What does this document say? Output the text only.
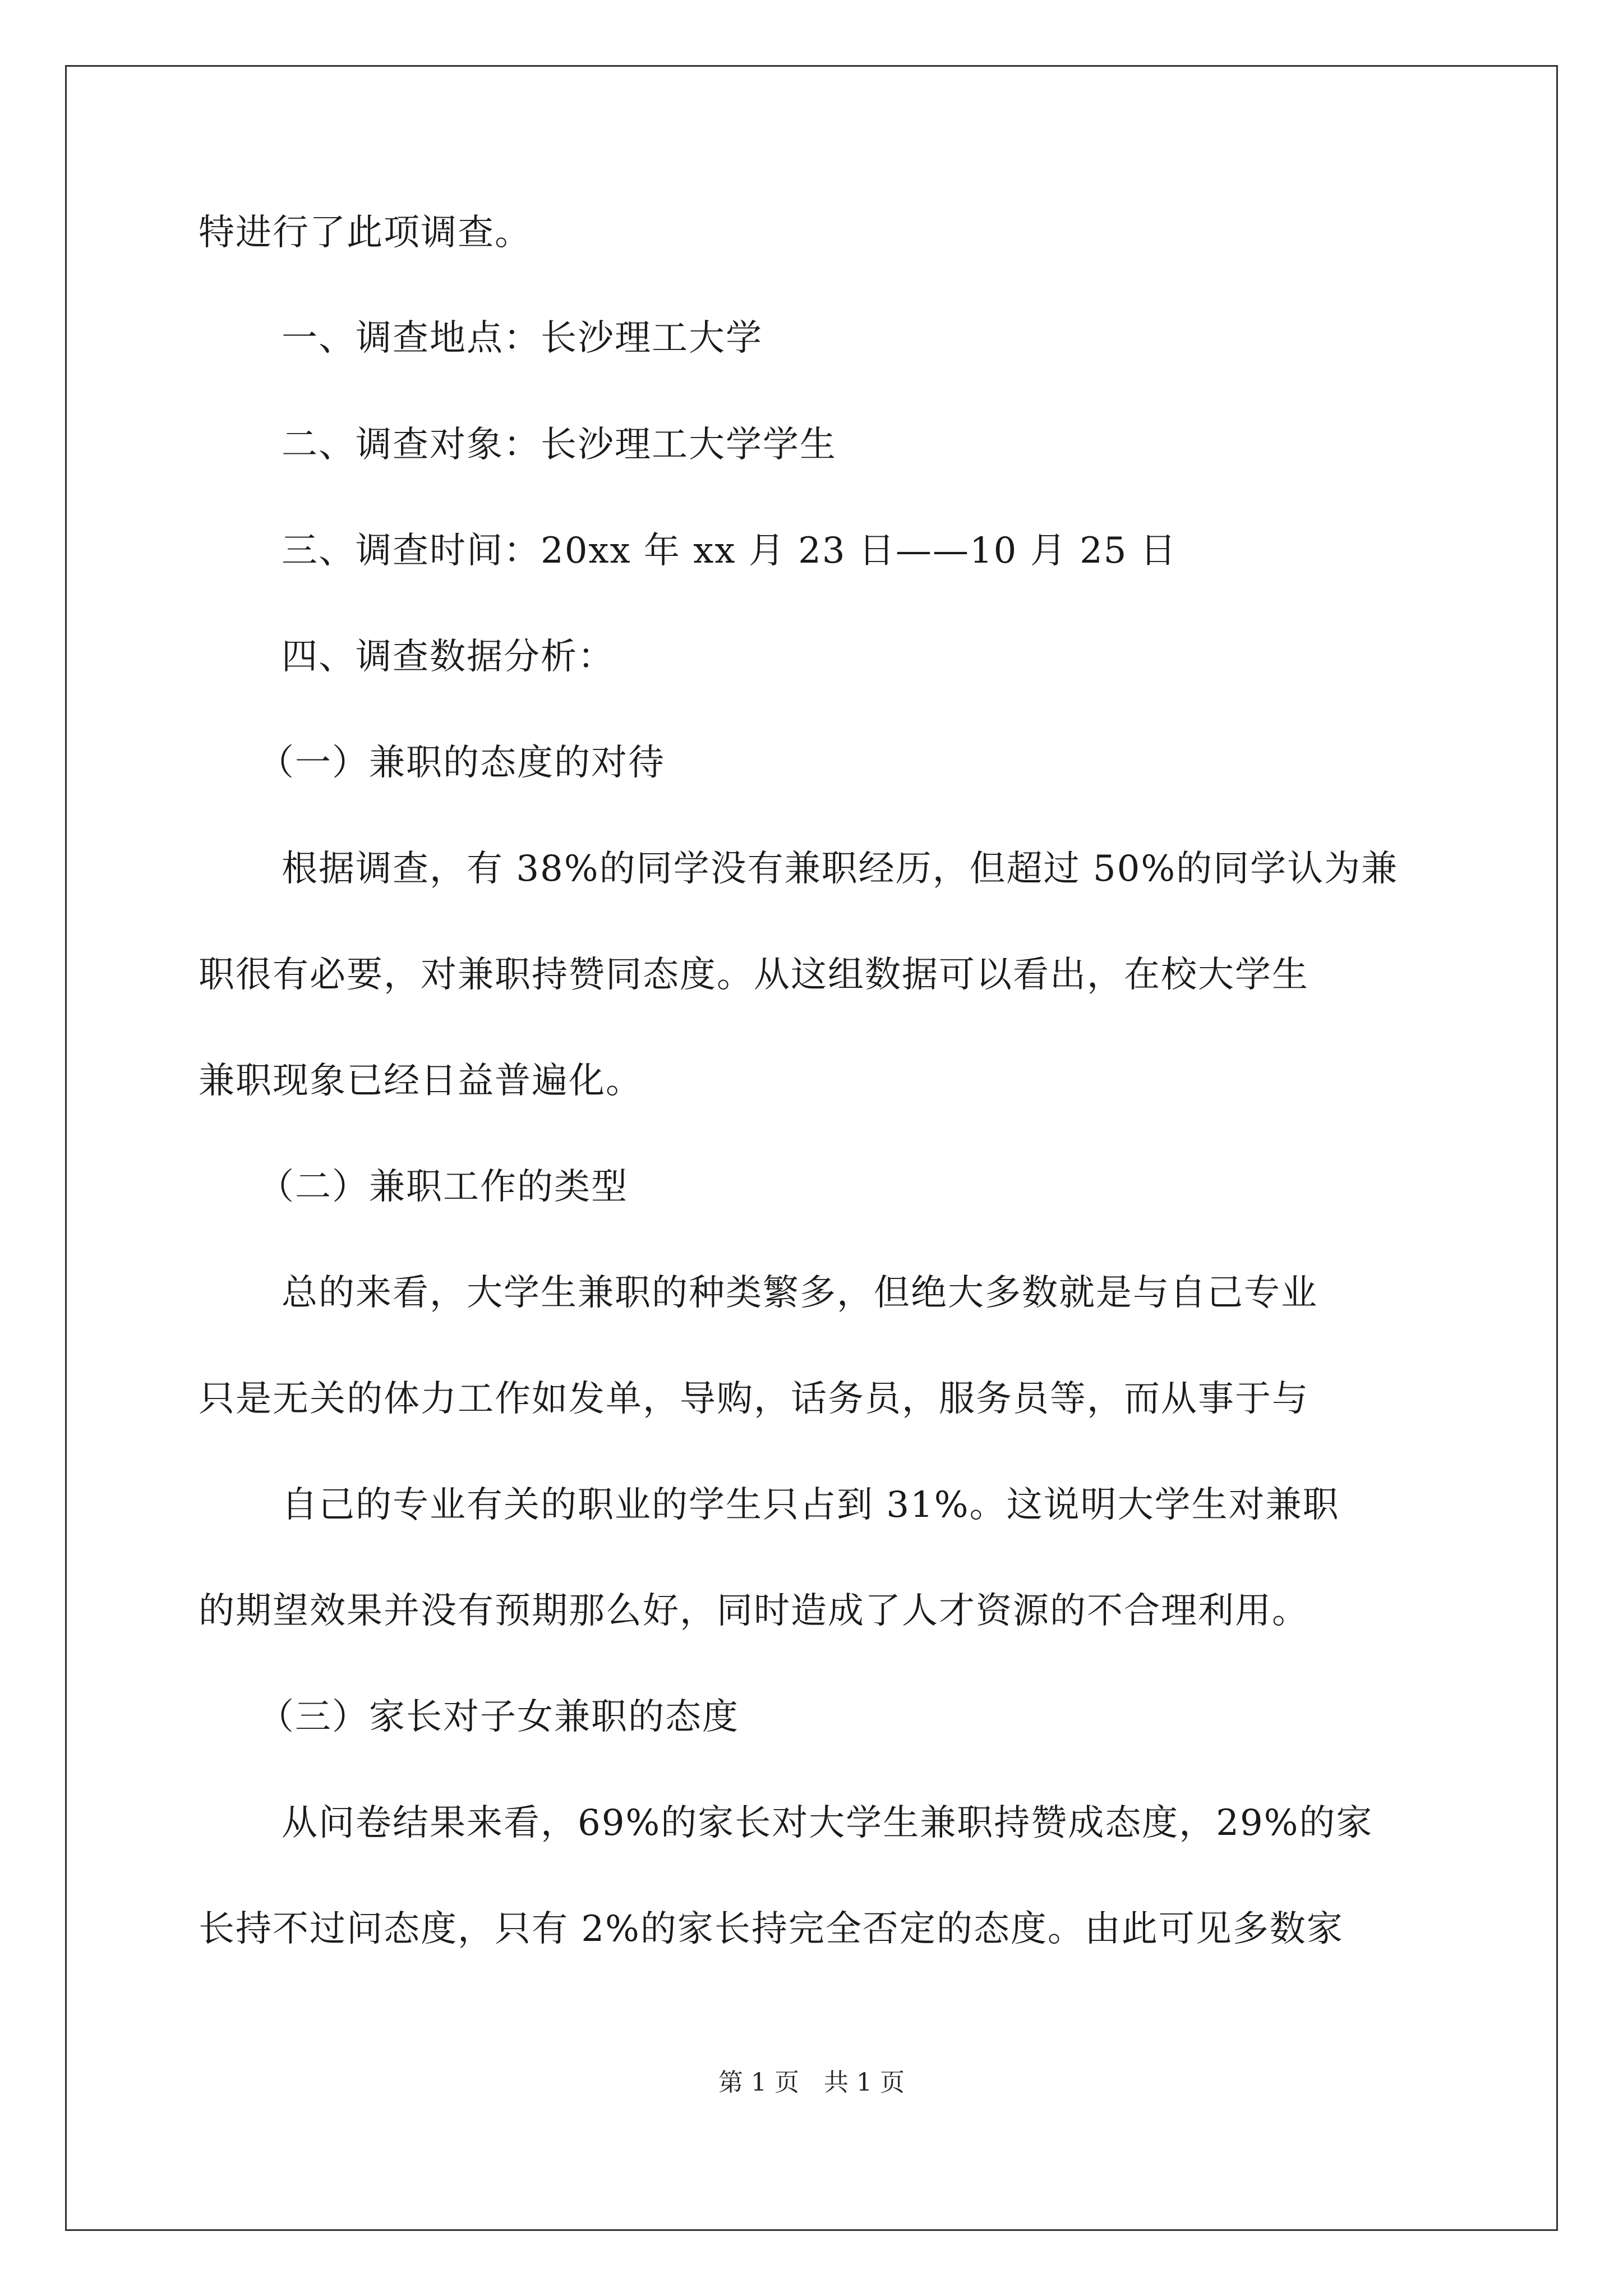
特进行了此项调查。
一、调查地点：长沙理工大学
二、调查对象：长沙理工大学学生
三、调查时间：20xx 年 xx 月 23 日——10 月 25 日
四、调查数据分析：
（一）兼职的态度的对待
根据调查，有 38%的同学没有兼职经历，但超过 50%的同学认为兼
职很有必要，对兼职持赞同态度。从这组数据可以看出，在校大学生
兼职现象已经日益普遍化。
（二）兼职工作的类型
总的来看，大学生兼职的种类繁多，但绝大多数就是与自己专业
只是无关的体力工作如发单，导购，话务员，服务员等，而从事于与
自己的专业有关的职业的学生只占到 31%。这说明大学生对兼职
的期望效果并没有预期那么好，同时造成了人才资源的不合理利用。
（三）家长对子女兼职的态度
从问卷结果来看，69%的家长对大学生兼职持赞成态度，29%的家
长持不过问态度，只有 2%的家长持完全否定的态度。由此可见多数家
第 1 页 共 1 页
